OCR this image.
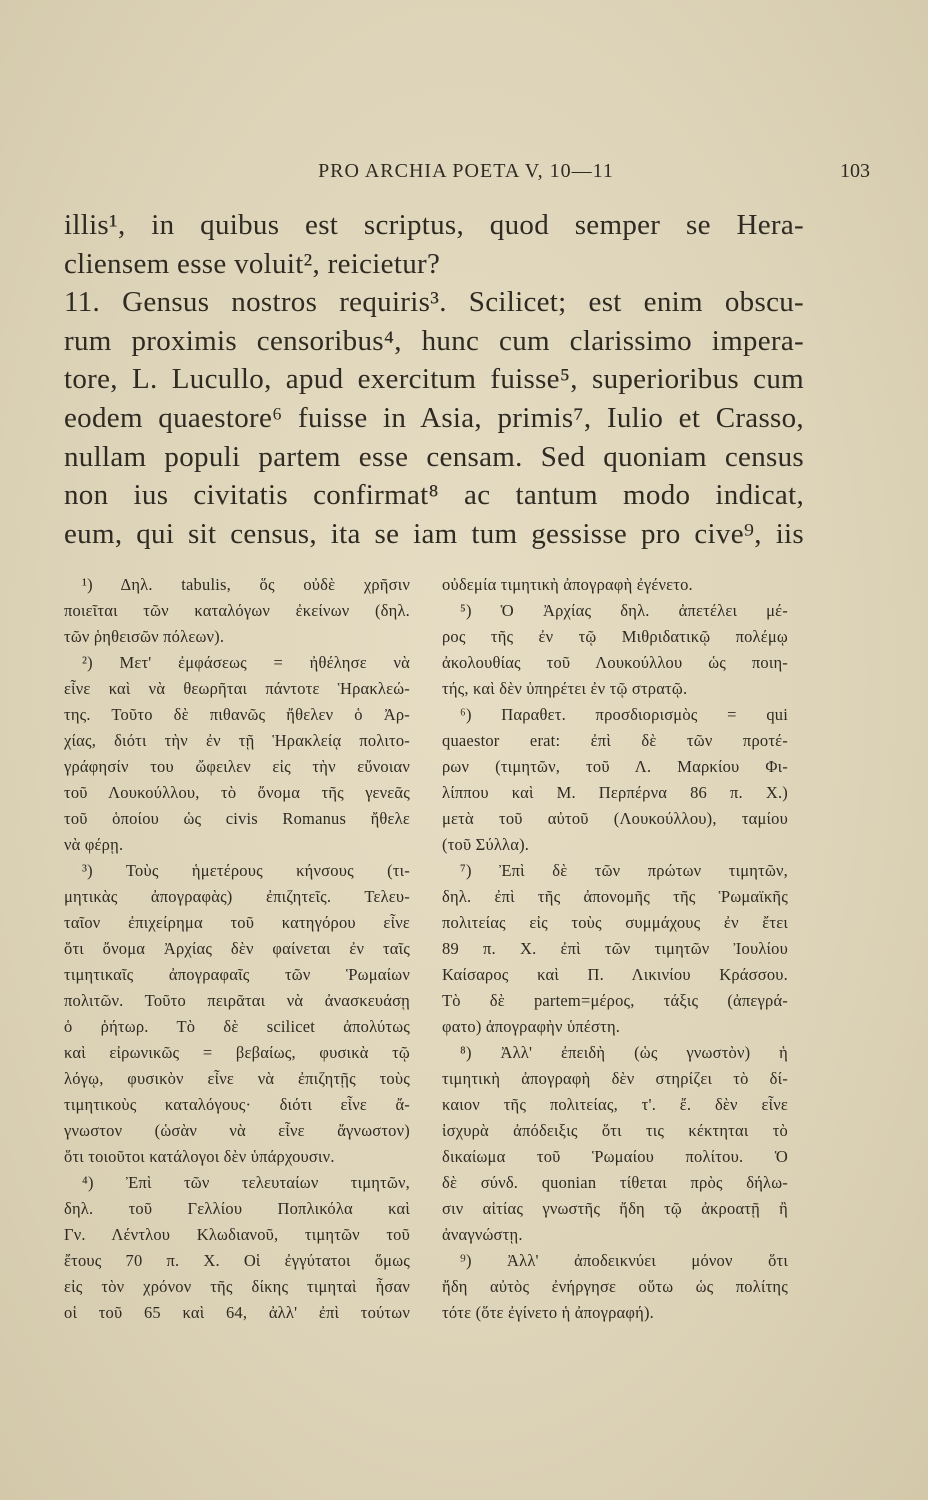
PRO ARCHIA POETA V, 10—11	103
illis¹, in quibus est scriptus, quod semper se Hera-
cliensem esse voluit², reicietur?
11. Gensus nostros requiris³. Scilicet; est enim obscu-
rum proximis censoribus⁴, hunc cum clarissimo impera-
tore, L. Lucullo, apud exercitum fuisse⁵, superioribus cum
eodem quaestore⁶ fuisse in Asia, primis⁷, Iulio et Crasso,
nullam populi partem esse censam. Sed quoniam census
non ius civitatis confirmat⁸ ac tantum modo indicat,
eum, qui sit census, ita se iam tum gessisse pro cive⁹, iis
¹) Δηλ. tabulis, ὅς οὐδὲ χρῆσιν
ποιεῖται τῶν καταλόγων ἐκείνων (δηλ.
τῶν ῥηθεισῶν πόλεων).
²) Μετ' ἐμφάσεως = ἠθέλησε νὰ
εἶνε καὶ νὰ θεωρῆται πάντοτε Ἡρακλεώ-
της. Τοῦτο δὲ πιθανῶς ἤθελεν ὁ Ἀρ-
χίας, διότι τὴν ἐν τῇ Ἡρακλείᾳ πολιτο-
γράφησίν του ὤφειλεν εἰς τὴν εὔνοιαν
τοῦ Λουκούλλου, τὸ ὄνομα τῆς γενεᾶς
τοῦ ὁποίου ὡς civis Romanus ἤθελε
νὰ φέρῃ.
³) Τοὺς ἡμετέρους κήνσους (τι-
μητικὰς ἀπογραφὰς) ἐπιζητεῖς. Τελευ-
ταῖον ἐπιχείρημα τοῦ κατηγόρου εἶνε
ὅτι ὄνομα Ἀρχίας δὲν φαίνεται ἐν ταῖς
τιμητικαῖς ἀπογραφαῖς τῶν Ῥωμαίων
πολιτῶν. Τοῦτο πειρᾶται νὰ ἀνασκευάσῃ
ὁ ῥήτωρ. Τὸ δὲ scilicet ἀπολύτως
καὶ εἰρωνικῶς = βεβαίως, φυσικὰ τῷ
λόγῳ, φυσικὸν εἶνε νὰ ἐπιζητῇς τοὺς
τιμητικοὺς καταλόγους· διότι εἶνε ἄ-
γνωστον (ὡσὰν νὰ εἶνε ἄγνωστον)
ὅτι τοιοῦτοι κατάλογοι δὲν ὑπάρχουσιν.
⁴) Ἐπὶ τῶν τελευταίων τιμητῶν,
δηλ. τοῦ Γελλίου Ποπλικόλα καὶ
Γν. Λέντλου Κλωδιανοῦ, τιμητῶν τοῦ
ἔτους 70 π. Χ. Οἱ ἐγγύτατοι ὅμως
εἰς τὸν χρόνον τῆς δίκης τιμηταὶ ἦσαν
οἱ τοῦ 65 καὶ 64, ἀλλ' ἐπὶ τούτων
οὐδεμία τιμητικὴ ἀπογραφὴ ἐγένετο.
⁵) Ὁ Ἀρχίας δηλ. ἀπετέλει μέ-
ρος τῆς ἐν τῷ Μιθριδατικῷ πολέμῳ
ἀκολουθίας τοῦ Λουκούλλου ὡς ποιη-
τής, καὶ δὲν ὑπηρέτει ἐν τῷ στρατῷ.
⁶) Παραθετ. προσδιορισμὸς = qui
quaestor erat: ἐπὶ δὲ τῶν προτέ-
ρων (τιμητῶν, τοῦ Λ. Μαρκίου Φι-
λίππου καὶ Μ. Περπέρνα 86 π. Χ.)
μετὰ τοῦ αὐτοῦ (Λουκούλλου), ταμίου
(τοῦ Σύλλα).
⁷) Ἐπὶ δὲ τῶν πρώτων τιμητῶν,
δηλ. ἐπὶ τῆς ἀπονομῆς τῆς Ῥωμαϊκῆς
πολιτείας εἰς τοὺς συμμάχους ἐν ἔτει
89 π. Χ. ἐπὶ τῶν τιμητῶν Ἰουλίου
Καίσαρος καὶ Π. Λικινίου Κράσσου.
Τὸ δὲ partem=μέρος, τάξις (ἀπεγρά-
φατο) ἀπογραφὴν ὑπέστη.
⁸) Ἀλλ' ἐπειδὴ (ὡς γνωστὸν) ἡ
τιμητικὴ ἀπογραφὴ δὲν στηρίζει τὸ δί-
καιον τῆς πολιτείας, τ'. ἔ. δὲν εἶνε
ἰσχυρὰ ἀπόδειξις ὅτι τις κέκτηται τὸ
δικαίωμα τοῦ Ῥωμαίου πολίτου. Ὁ
δὲ σύνδ. quonian τίθεται πρὸς δήλω-
σιν αἰτίας γνωστῆς ἤδη τῷ ἀκροατῇ ἢ
ἀναγνώστῃ.
⁹) Ἀλλ' ἀποδεικνύει μόνον ὅτι
ἤδη αὐτὸς ἐνήργησε οὕτω ὡς πολίτης
τότε (ὅτε ἐγίνετο ἡ ἀπογραφή).
